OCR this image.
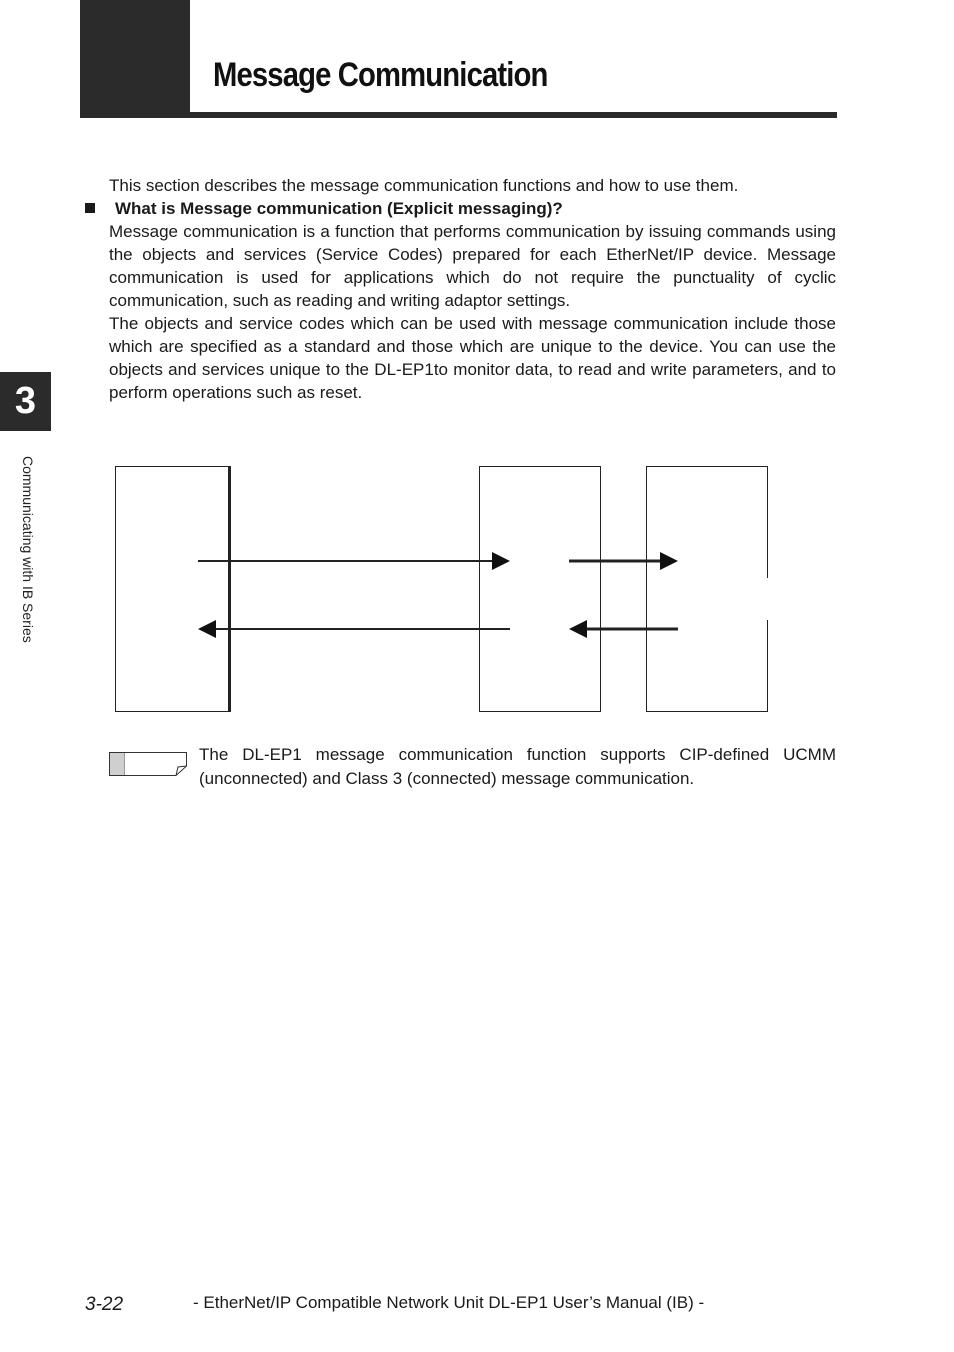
Message Communication
3
Communicating with IB Series

This section describes the message communication functions and how to use them.

Message communication is a function that performs communication by issuing commands using the objects and services (Service Codes) prepared for each EtherNet/IP device. Message communication is used for applications which do not require the punctuality of cyclic communication, such as reading and writing adaptor settings.

The objects and service codes which can be used with message communication include those which are specified as a standard and those which are unique to the device. You can use the objects and services unique to the DL-EP1to monitor data, to read and write parameters, and to perform operations such as reset.

What is Message communication (Explicit messaging)?
The DL-EP1 message communication function supports CIP-defined UCMM (unconnected) and Class 3 (connected) message communication.
3-22	- EtherNet/IP Compatible Network Unit DL-EP1 User’s Manual (IB) -
